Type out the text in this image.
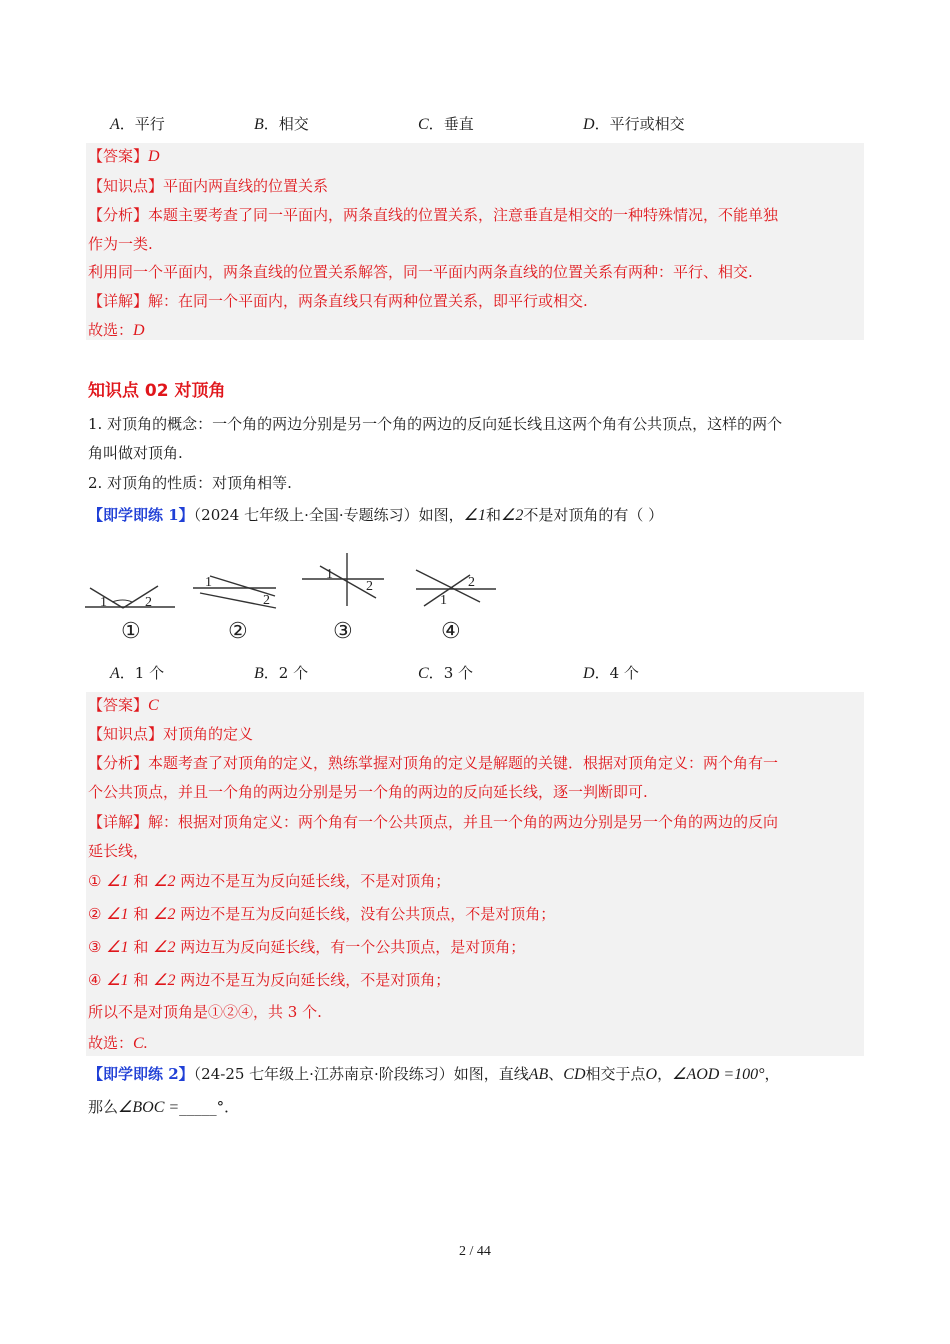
A．平行	B．相交	C．垂直	D．平行或相交
【答案】D
【知识点】平面内两直线的位置关系
【分析】本题主要考查了同一平面内，两条直线的位置关系，注意垂直是相交的一种特殊情况，不能单独
作为一类.
利用同一个平面内，两条直线的位置关系解答，同一平面内两条直线的位置关系有两种：平行、相交.
【详解】解：在同一个平面内，两条直线只有两种位置关系，即平行或相交.
故选：D
知识点 02 对顶角
1. 对顶角的概念：一个角的两边分别是另一个角的两边的反向延长线且这两个角有公共顶点，这样的两个
角叫做对顶角.
2. 对顶角的性质：对顶角相等.
【即学即练 1】（2024 七年级上·全国·专题练习）如图，∠1和∠2不是对顶角的有（ ）
1	2
1
2
1
2
1
2
①	②	③	④
A．1 个	B．2 个	C．3 个	D．4 个
【答案】C
【知识点】对顶角的定义
【分析】本题考查了对顶角的定义，熟练掌握对顶角的定义是解题的关键．根据对顶角定义：两个角有一
个公共顶点，并且一个角的两边分别是另一个角的两边的反向延长线，逐一判断即可.
【详解】解：根据对顶角定义：两个角有一个公共顶点，并且一个角的两边分别是另一个角的两边的反向
延长线，
① ∠1 和 ∠2 两边不是互为反向延长线，不是对顶角；
② ∠1 和 ∠2 两边不是互为反向延长线，没有公共顶点，不是对顶角；
③ ∠1 和 ∠2 两边互为反向延长线，有一个公共顶点，是对顶角；
④ ∠1 和 ∠2 两边不是互为反向延长线，不是对顶角；
所以不是对顶角是①②④，共 3 个.
故选：C.
【即学即练 2】（24-25 七年级上·江苏南京·阶段练习）如图，直线AB、CD相交于点O，∠AOD =100°，
那么∠BOC =_____°．
2 / 44
